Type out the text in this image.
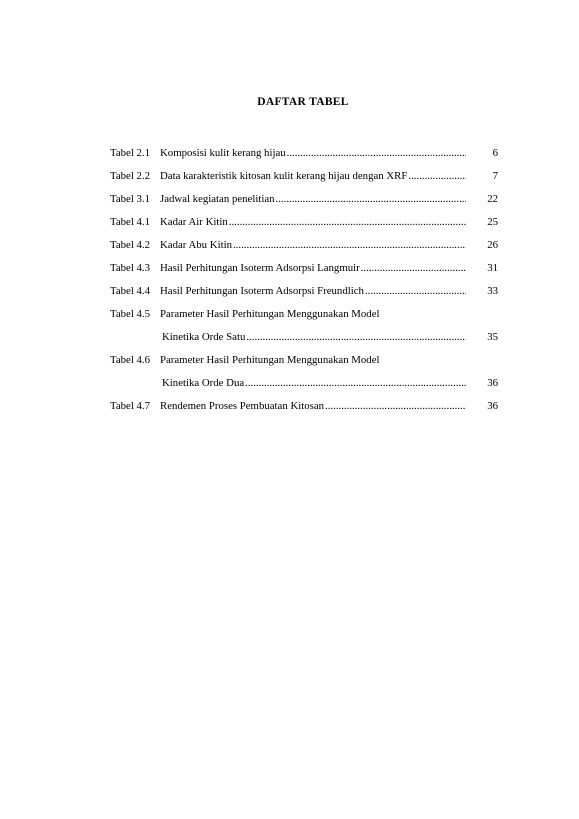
DAFTAR TABEL
Tabel 2.1 Komposisi kulit kerang hijau .....	6
Tabel 2.2 Data karakteristik kitosan kulit kerang hijau dengan XRF .....	7
Tabel 3.1 Jadwal kegiatan penelitian .....	22
Tabel 4.1 Kadar Air Kitin .....	25
Tabel 4.2 Kadar Abu Kitin .....	26
Tabel 4.3 Hasil Perhitungan Isoterm Adsorpsi Langmuir .....	31
Tabel 4.4 Hasil Perhitungan Isoterm Adsorpsi Freundlich .....	33
Tabel 4.5 Parameter Hasil Perhitungan Menggunakan Model
Kinetika Orde Satu .....	35
Tabel 4.6 Parameter Hasil Perhitungan Menggunakan Model
Kinetika Orde Dua .....	36
Tabel 4.7 Rendemen Proses Pembuatan Kitosan .....	36
